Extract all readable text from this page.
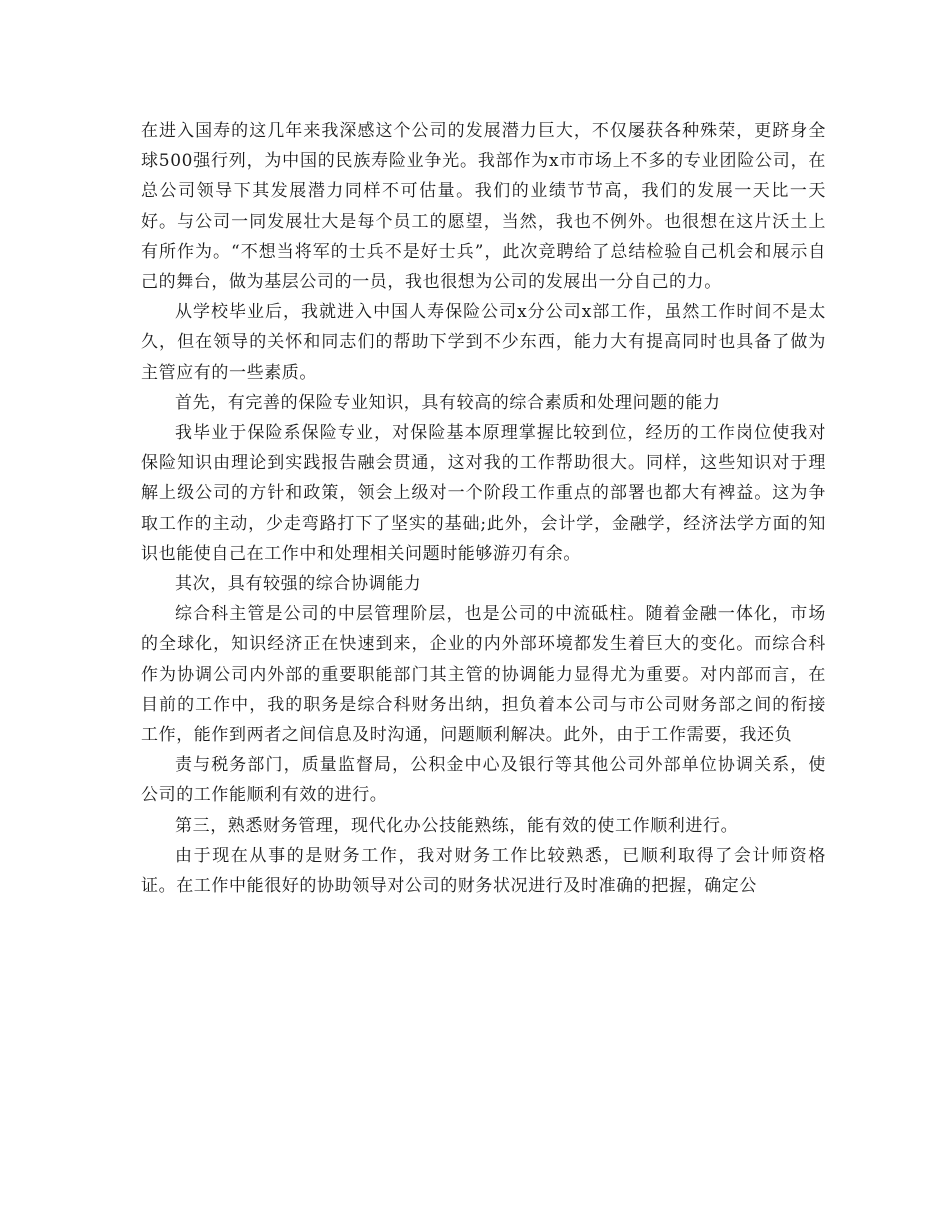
在进入国寿的这几年来我深感这个公司的发展潜力巨大，不仅屡获各种殊荣，更跻身全球500强行列，为中国的民族寿险业争光。我部作为x市市场上不多的专业团险公司，在总公司领导下其发展潜力同样不可估量。我们的业绩节节高，我们的发展一天比一天好。与公司一同发展壮大是每个员工的愿望，当然，我也不例外。也很想在这片沃土上有所作为。“不想当将军的士兵不是好士兵”，此次竞聘给了总结检验自己机会和展示自己的舞台，做为基层公司的一员，我也很想为公司的发展出一分自己的力。

从学校毕业后，我就进入中国人寿保险公司x分公司x部工作，虽然工作时间不是太久，但在领导的关怀和同志们的帮助下学到不少东西，能力大有提高同时也具备了做为主管应有的一些素质。

首先，有完善的保险专业知识，具有较高的综合素质和处理问题的能力

我毕业于保险系保险专业，对保险基本原理掌握比较到位，经历的工作岗位使我对保险知识由理论到实践报告融会贯通，这对我的工作帮助很大。同样，这些知识对于理解上级公司的方针和政策，领会上级对一个阶段工作重点的部署也都大有裨益。这为争取工作的主动，少走弯路打下了坚实的基础;此外，会计学，金融学，经济法学方面的知识也能使自己在工作中和处理相关问题时能够游刃有余。

其次，具有较强的综合协调能力

综合科主管是公司的中层管理阶层，也是公司的中流砥柱。随着金融一体化，市场的全球化，知识经济正在快速到来，企业的内外部环境都发生着巨大的变化。而综合科作为协调公司内外部的重要职能部门其主管的协调能力显得尤为重要。对内部而言，在目前的工作中，我的职务是综合科财务出纳，担负着本公司与市公司财务部之间的衔接工作，能作到两者之间信息及时沟通，问题顺利解决。此外，由于工作需要，我还负

责与税务部门，质量监督局，公积金中心及银行等其他公司外部单位协调关系，使公司的工作能顺利有效的进行。

第三，熟悉财务管理，现代化办公技能熟练，能有效的使工作顺利进行。

由于现在从事的是财务工作，我对财务工作比较熟悉，已顺利取得了会计师资格证。在工作中能很好的协助领导对公司的财务状况进行及时准确的把握，确定公
